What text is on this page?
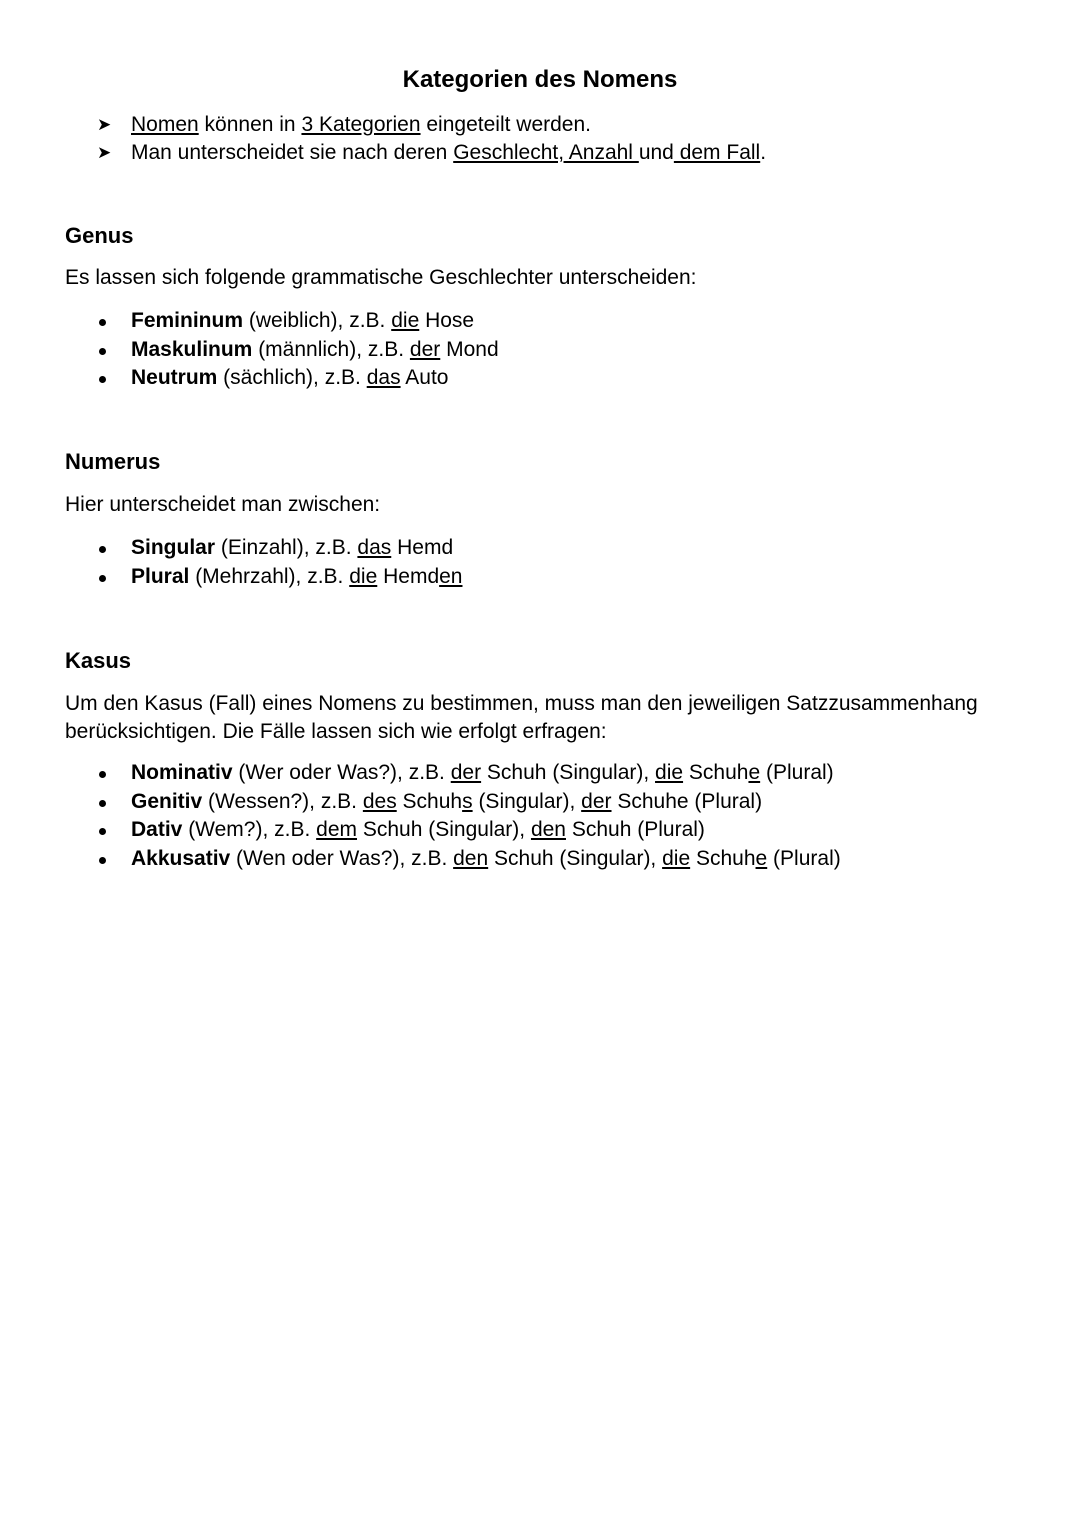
Kategorien des Nomens
➤ Nomen können in 3 Kategorien eingeteilt werden.
➤ Man unterscheidet sie nach deren Geschlecht, Anzahl und dem Fall.
Genus

Es lassen sich folgende grammatische Geschlechter unterscheiden:

Femininum (weiblich), z.B. die Hose
Maskulinum (männlich), z.B. der Mond
Neutrum (sächlich), z.B. das Auto
Numerus

Hier unterscheidet man zwischen:

Singular (Einzahl), z.B. das Hemd
Plural (Mehrzahl), z.B. die Hemden
Kasus

Um den Kasus (Fall) eines Nomens zu bestimmen, muss man den jeweiligen Satzzusammenhang berücksichtigen. Die Fälle lassen sich wie erfolgt erfragen:

Nominativ (Wer oder Was?), z.B. der Schuh (Singular), die Schuhe (Plural)
Genitiv (Wessen?), z.B. des Schuhs (Singular), der Schuhe (Plural)
Dativ (Wem?), z.B. dem Schuh (Singular), den Schuh (Plural)
Akkusativ (Wen oder Was?), z.B. den Schuh (Singular), die Schuhe (Plural)
